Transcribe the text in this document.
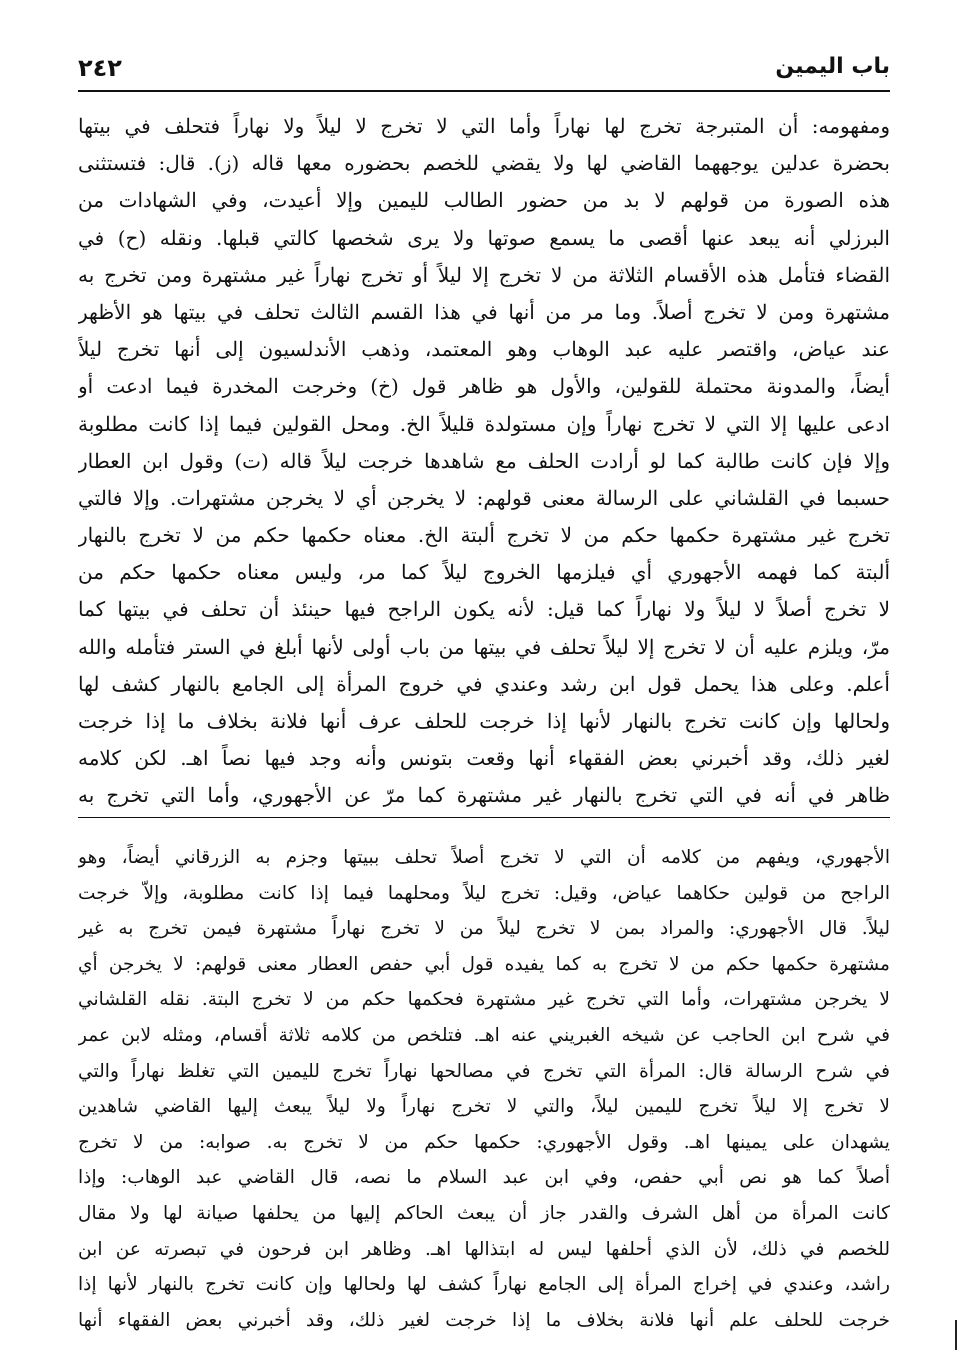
٢٤٢	باب اليمين
ومفهومه: أن المتبرجة تخرج لها نهاراً وأما التي لا تخرج لا ليلاً ولا نهاراً فتحلف في بيتها
بحضرة عدلين يوجههما القاضي لها ولا يقضي للخصم بحضوره معها قاله (ز). قال: فتستثنى
هذه الصورة من قولهم لا بد من حضور الطالب لليمين وإلا أعيدت، وفي الشهادات من
البرزلي أنه يبعد عنها أقصى ما يسمع صوتها ولا يرى شخصها كالتي قبلها. ونقله (ح) في
القضاء فتأمل هذه الأقسام الثلاثة من لا تخرج إلا ليلاً أو تخرج نهاراً غير مشتهرة ومن تخرج به
مشتهرة ومن لا تخرج أصلاً. وما مر من أنها في هذا القسم الثالث تحلف في بيتها هو الأظهر
عند عياض، واقتصر عليه عبد الوهاب وهو المعتمد، وذهب الأندلسيون إلى أنها تخرج ليلاً
أيضاً، والمدونة محتملة للقولين، والأول هو ظاهر قول (خ) وخرجت المخدرة فيما ادعت أو
ادعى عليها إلا التي لا تخرج نهاراً وإن مستولدة قليلاً الخ. ومحل القولين فيما إذا كانت مطلوبة
وإلا فإن كانت طالبة كما لو أرادت الحلف مع شاهدها خرجت ليلاً قاله (ت) وقول ابن العطار
حسبما في القلشاني على الرسالة معنى قولهم: لا يخرجن أي لا يخرجن مشتهرات. وإلا فالتي
تخرج غير مشتهرة حكمها حكم من لا تخرج ألبتة الخ. معناه حكمها حكم من لا تخرج بالنهار
ألبتة كما فهمه الأجهوري أي فيلزمها الخروج ليلاً كما مر، وليس معناه حكمها حكم من
لا تخرج أصلاً لا ليلاً ولا نهاراً كما قيل: لأنه يكون الراجح فيها حينئذ أن تحلف في بيتها كما
مرّ، ويلزم عليه أن لا تخرج إلا ليلاً تحلف في بيتها من باب أولى لأنها أبلغ في الستر فتأمله والله
أعلم. وعلى هذا يحمل قول ابن رشد وعندي في خروج المرأة إلى الجامع بالنهار كشف لها
ولحالها وإن كانت تخرج بالنهار لأنها إذا خرجت للحلف عرف أنها فلانة بخلاف ما إذا خرجت
لغير ذلك، وقد أخبرني بعض الفقهاء أنها وقعت بتونس وأنه وجد فيها نصاً اهـ. لكن كلامه
ظاهر في أنه في التي تخرج بالنهار غير مشتهرة كما مرّ عن الأجهوري، وأما التي تخرج به
الأجهوري، ويفهم من كلامه أن التي لا تخرج أصلاً تحلف ببيتها وجزم به الزرقاني أيضاً، وهو
الراجح من قولين حكاهما عياض، وقيل: تخرج ليلاً ومحلهما فيما إذا كانت مطلوبة، وإلاّ خرجت
ليلاً. قال الأجهوري: والمراد بمن لا تخرج ليلاً من لا تخرج نهاراً مشتهرة فيمن تخرج به غير
مشتهرة حكمها حكم من لا تخرج به كما يفيده قول أبي حفص العطار معنى قولهم: لا يخرجن أي
لا يخرجن مشتهرات، وأما التي تخرج غير مشتهرة فحكمها حكم من لا تخرج البتة. نقله القلشاني
في شرح ابن الحاجب عن شيخه الغبريني عنه اهـ. فتلخص من كلامه ثلاثة أقسام، ومثله لابن عمر
في شرح الرسالة قال: المرأة التي تخرج في مصالحها نهاراً تخرج لليمين التي تغلظ نهاراً والتي
لا تخرج إلا ليلاً تخرج لليمين ليلاً، والتي لا تخرج نهاراً ولا ليلاً يبعث إليها القاضي شاهدين
يشهدان على يمينها اهـ. وقول الأجهوري: حكمها حكم من لا تخرج به. صوابه: من لا تخرج
أصلاً كما هو نص أبي حفص، وفي ابن عبد السلام ما نصه، قال القاضي عبد الوهاب: وإذا
كانت المرأة من أهل الشرف والقدر جاز أن يبعث الحاكم إليها من يحلفها صيانة لها ولا مقال
للخصم في ذلك، لأن الذي أحلفها ليس له ابتذالها اهـ. وظاهر ابن فرحون في تبصرته عن ابن
راشد، وعندي في إخراج المرأة إلى الجامع نهاراً كشف لها ولحالها وإن كانت تخرج بالنهار لأنها إذا
خرجت للحلف علم أنها فلانة بخلاف ما إذا خرجت لغير ذلك، وقد أخبرني بعض الفقهاء أنها
